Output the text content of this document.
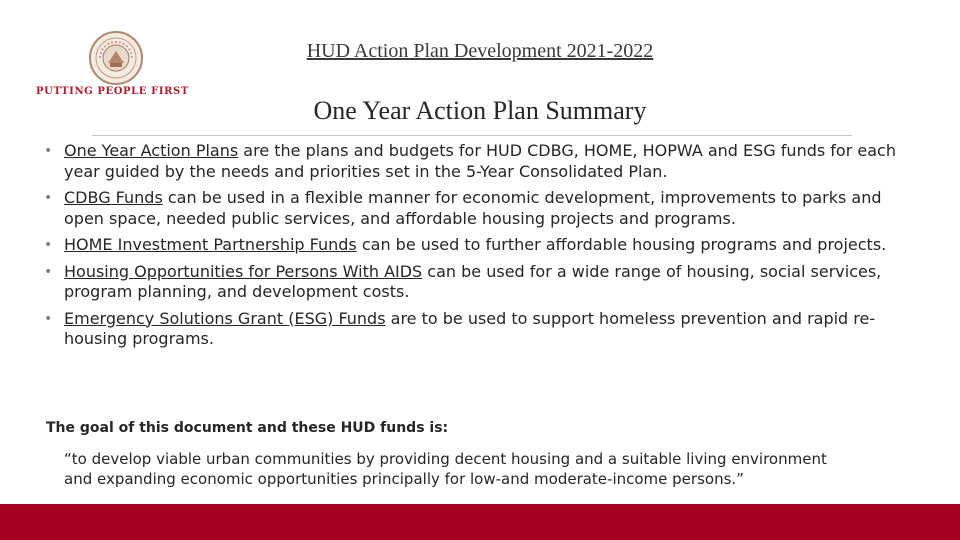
PUTTING PEOPLE FIRST
HUD Action Plan Development 2021-2022
One Year Action Plan Summary
• One Year Action Plans are the plans and budgets for HUD CDBG, HOME, HOPWA and ESG funds for each year guided by the needs and priorities set in the 5-Year Consolidated Plan.
• CDBG Funds can be used in a flexible manner for economic development, improvements to parks and open space, needed public services, and affordable housing projects and programs.
• HOME Investment Partnership Funds can be used to further affordable housing programs and projects.
• Housing Opportunities for Persons With AIDS can be used for a wide range of housing, social services, program planning, and development costs.
• Emergency Solutions Grant (ESG) Funds are to be used to support homeless prevention and rapid re-housing programs.
The goal of this document and these HUD funds is:
“to develop viable urban communities by providing decent housing and a suitable living environment
and expanding economic opportunities principally for low-and moderate-income persons.”
